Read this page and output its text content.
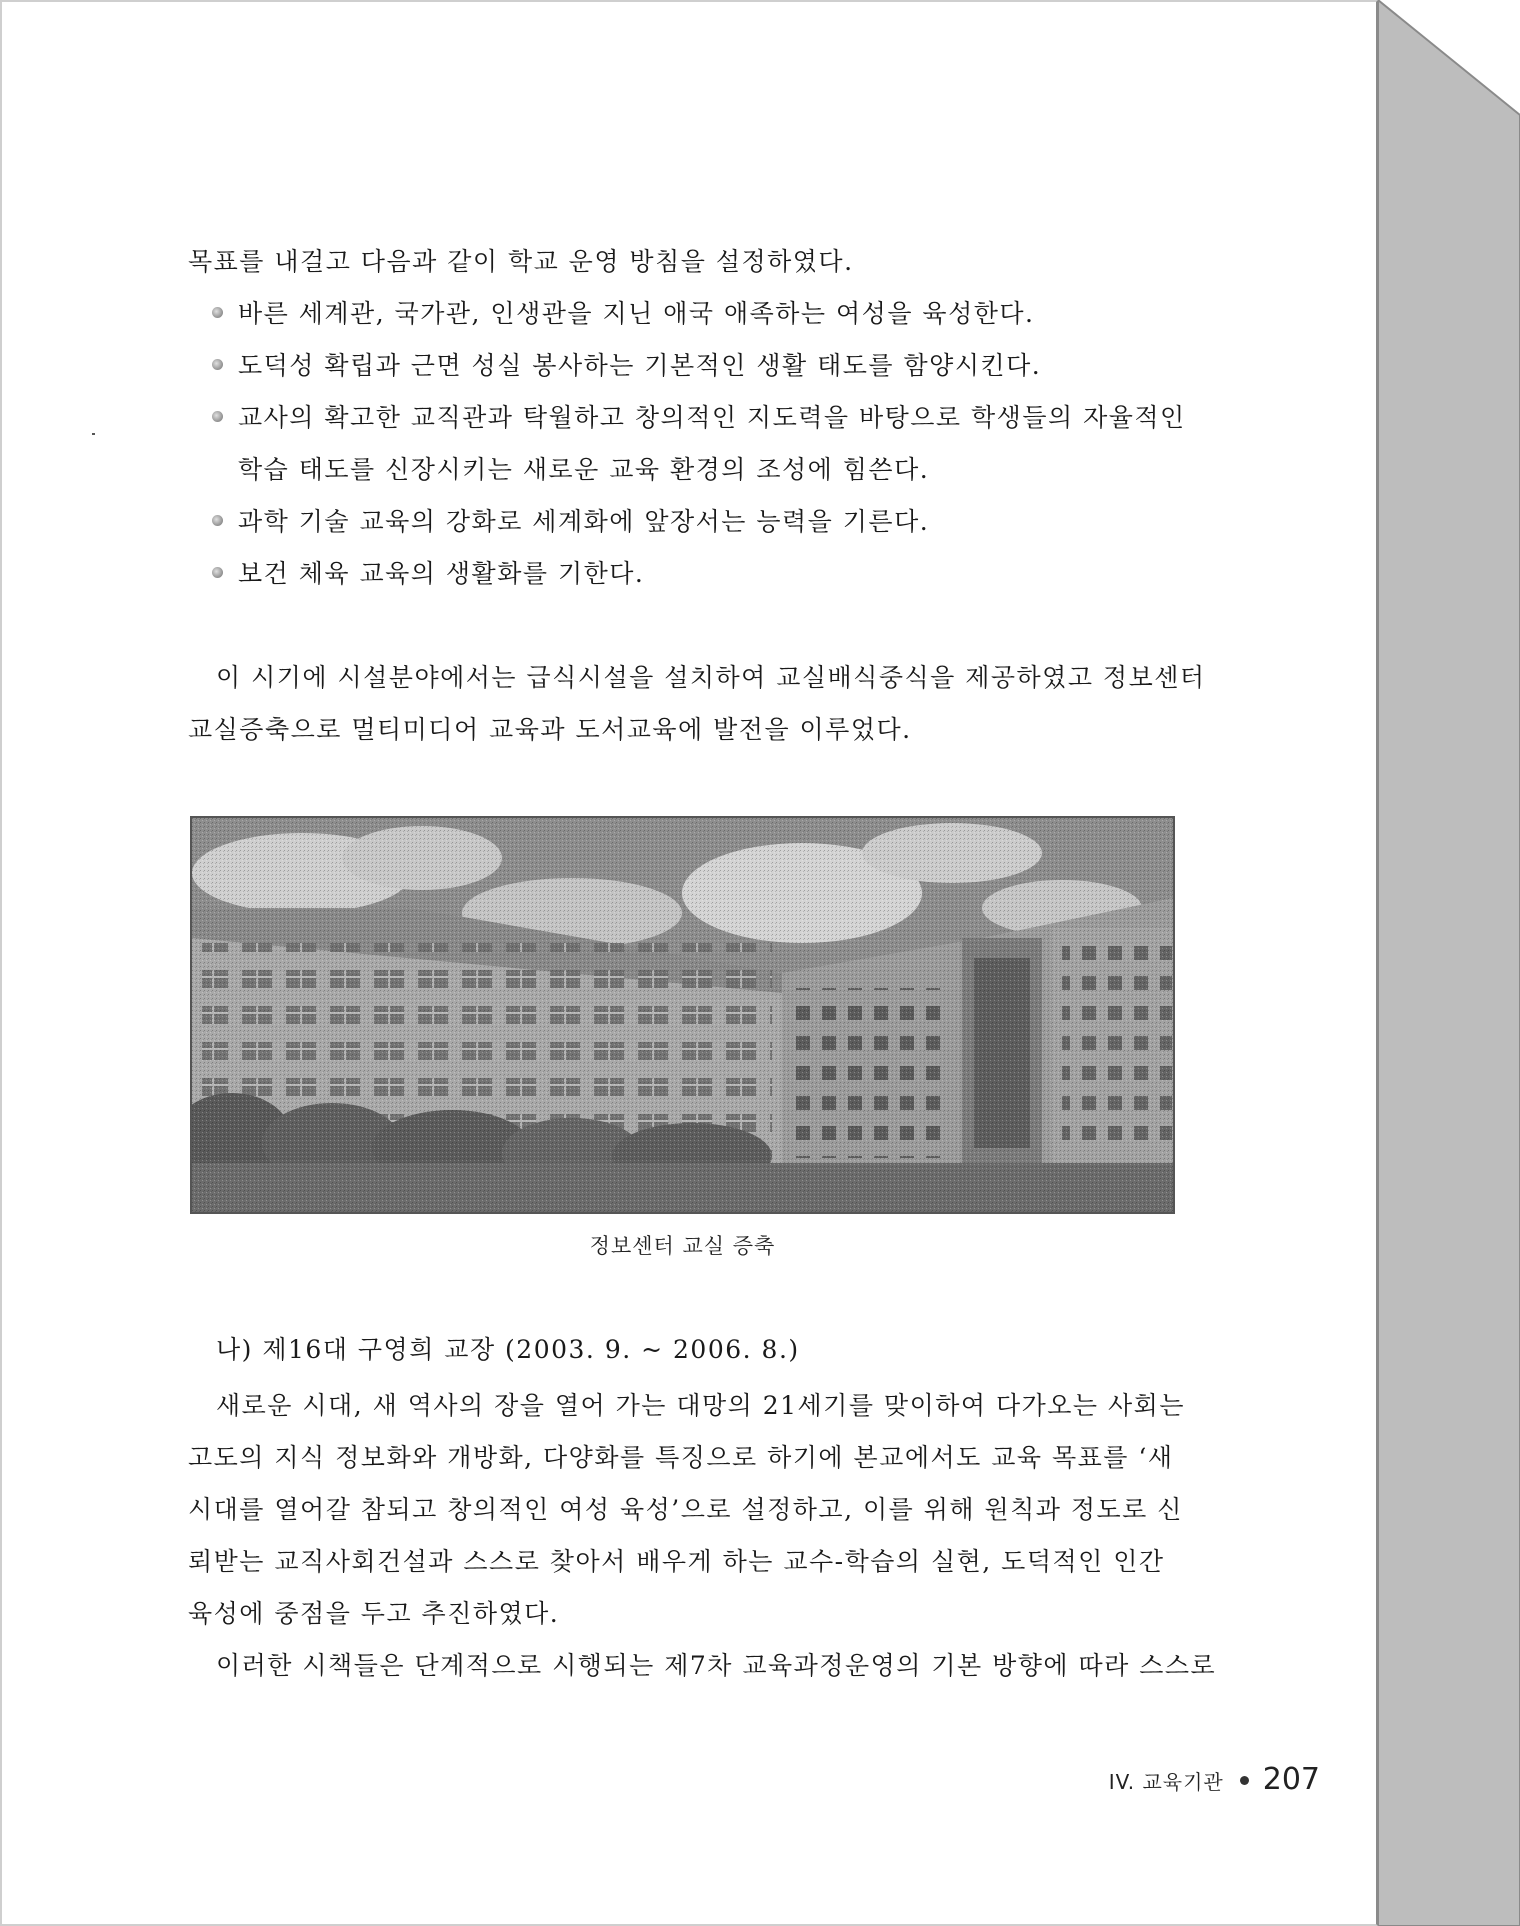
목표를 내걸고 다음과 같이 학교 운영 방침을 설정하였다.
바른 세계관, 국가관, 인생관을 지닌 애국 애족하는 여성을 육성한다.
도덕성 확립과 근면 성실 봉사하는 기본적인 생활 태도를 함양시킨다.
교사의 확고한 교직관과 탁월하고 창의적인 지도력을 바탕으로 학생들의 자율적인
학습 태도를 신장시키는 새로운 교육 환경의 조성에 힘쓴다.
과학 기술 교육의 강화로 세계화에 앞장서는 능력을 기른다.
보건 체육 교육의 생활화를 기한다.
이 시기에 시설분야에서는 급식시설을 설치하여 교실배식중식을 제공하였고 정보센터
교실증축으로 멀티미디어 교육과 도서교육에 발전을 이루었다.
정보센터 교실 증축
나) 제16대 구영희 교장 (2003. 9. ~ 2006. 8.)
새로운 시대, 새 역사의 장을 열어 가는 대망의 21세기를 맞이하여 다가오는 사회는
고도의 지식 정보화와 개방화, 다양화를 특징으로 하기에 본교에서도 교육 목표를 ‘새
시대를 열어갈 참되고 창의적인 여성 육성’으로 설정하고, 이를 위해 원칙과 정도로 신
뢰받는 교직사회건설과 스스로 찾아서 배우게 하는 교수-학습의 실현, 도덕적인 인간
육성에 중점을 두고 추진하였다.
이러한 시책들은 단계적으로 시행되는 제7차 교육과정운영의 기본 방향에 따라 스스로
IV. 교육기관 207
